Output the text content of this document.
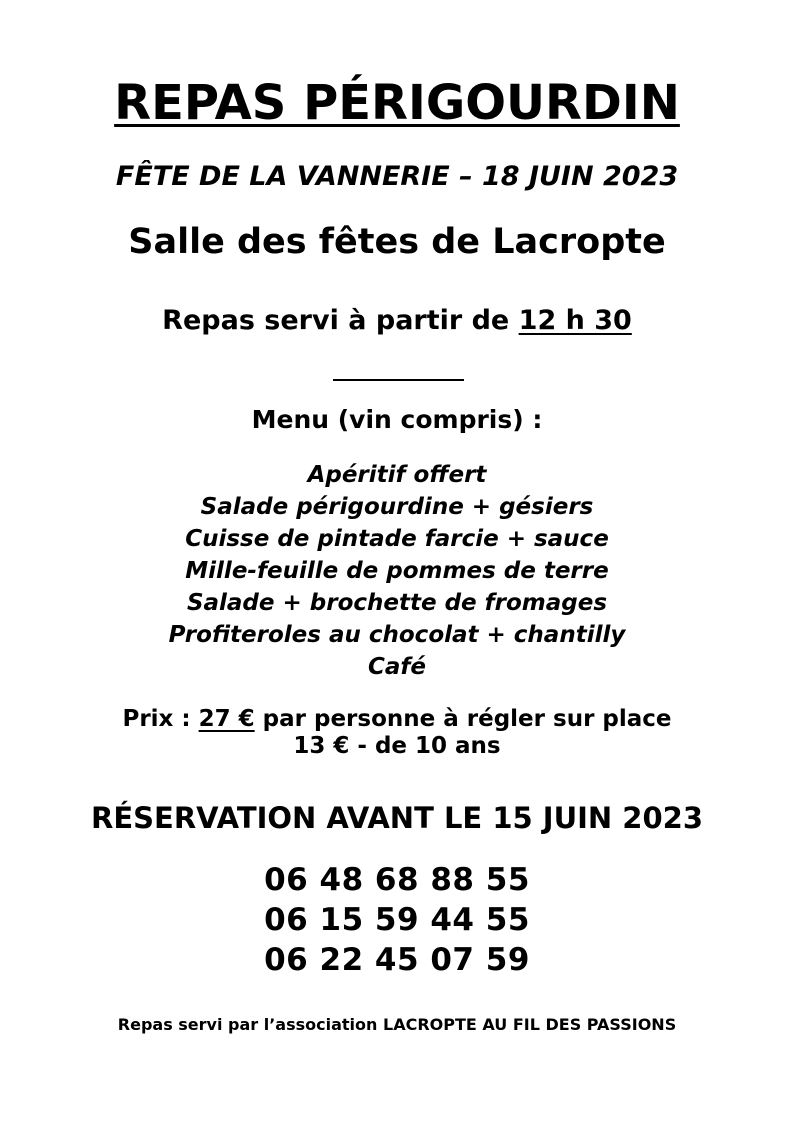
REPAS PÉRIGOURDIN
FÊTE DE LA VANNERIE – 18 JUIN 2023
Salle des fêtes de Lacropte
Repas servi à partir de 12 h 30
Menu (vin compris) :
Apéritif offert
Salade périgourdine + gésiers
Cuisse de pintade farcie + sauce
Mille-feuille de pommes de terre
Salade + brochette de fromages
Profiteroles au chocolat + chantilly
Café
Prix : 27 € par personne à régler sur place
13 € - de 10 ans
RÉSERVATION AVANT LE 15 JUIN 2023
06 48 68 88 55
06 15 59 44 55
06 22 45 07 59
Repas servi par l’association LACROPTE AU FIL DES PASSIONS
